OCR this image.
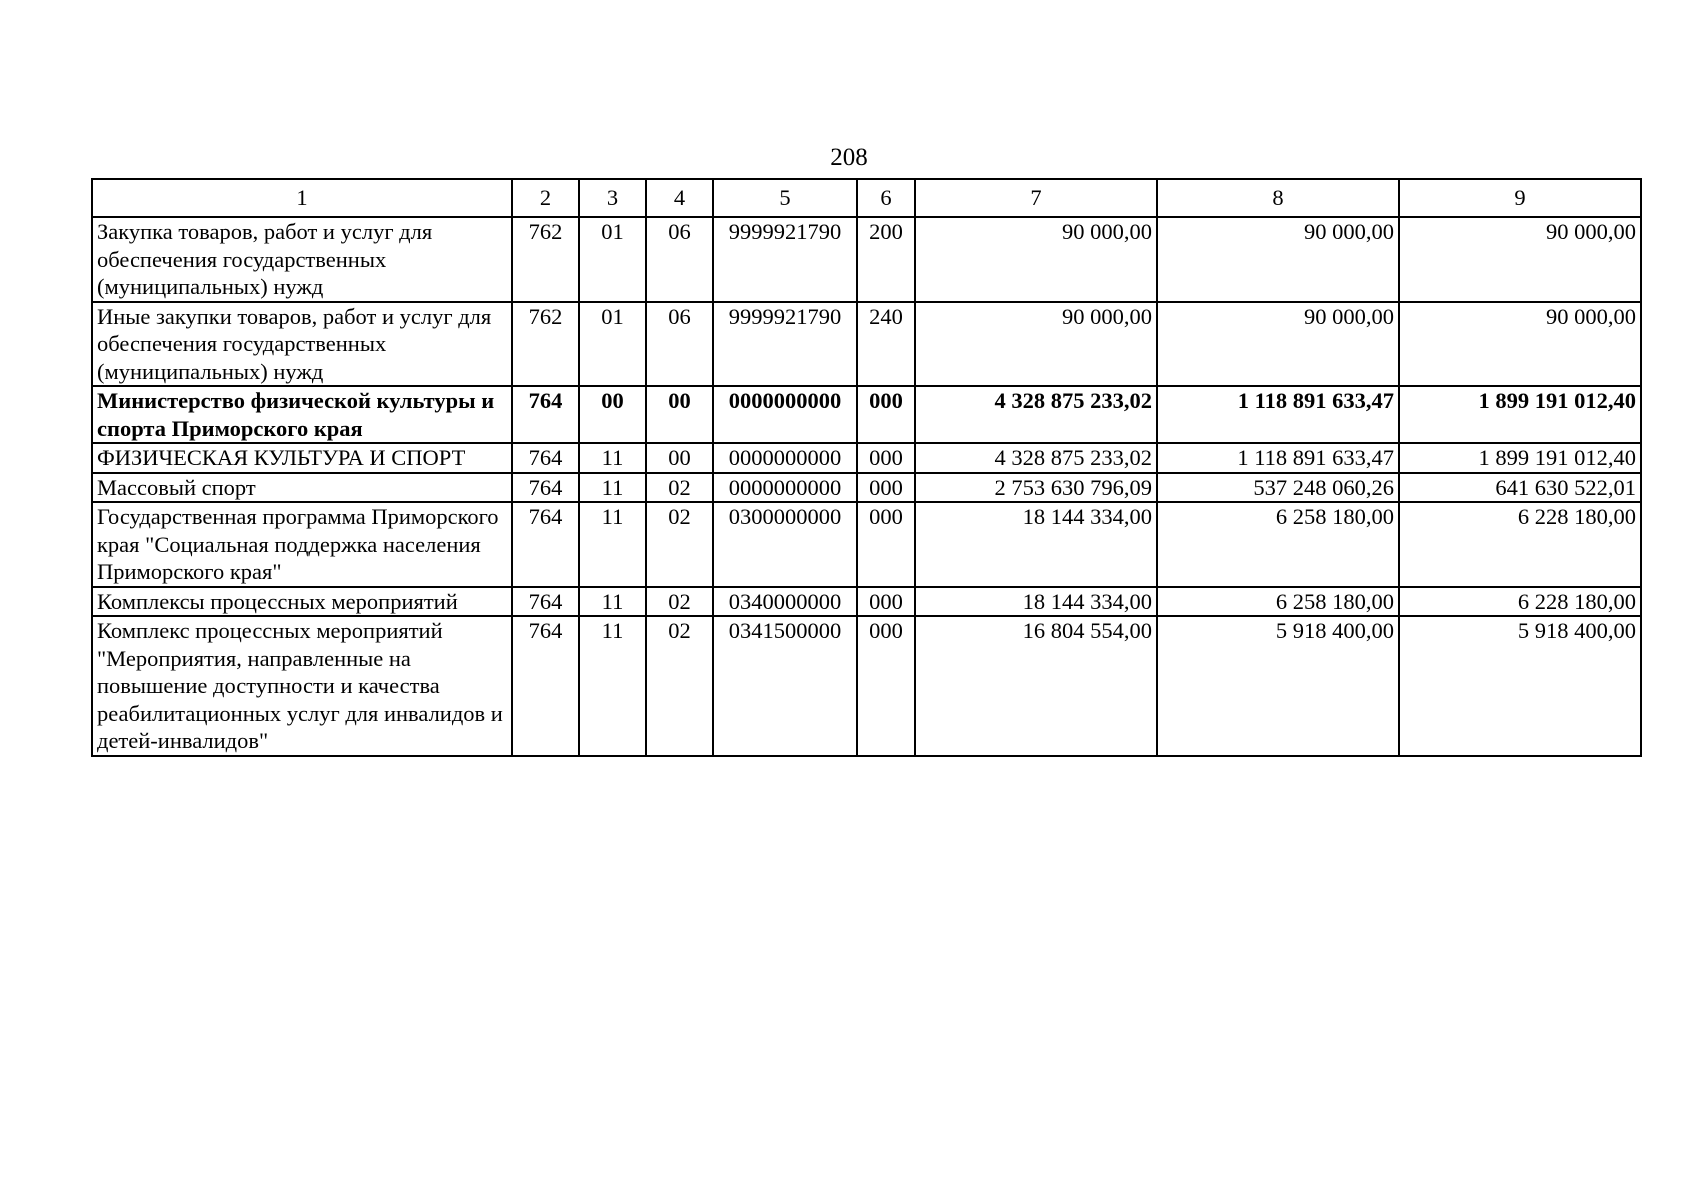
208
1	2	3	4	5	6	7	8	9
Закупка товаров, работ и услуг для обеспечения государственных (муниципальных) нужд	762	01	06	9999921790	200	90 000,00	90 000,00	90 000,00
Иные закупки товаров, работ и услуг для обеспечения государственных (муниципальных) нужд	762	01	06	9999921790	240	90 000,00	90 000,00	90 000,00
Министерство физической культуры и спорта Приморского края	764	00	00	0000000000	000	4 328 875 233,02	1 118 891 633,47	1 899 191 012,40
ФИЗИЧЕСКАЯ КУЛЬТУРА И СПОРТ	764	11	00	0000000000	000	4 328 875 233,02	1 118 891 633,47	1 899 191 012,40
Массовый спорт	764	11	02	0000000000	000	2 753 630 796,09	537 248 060,26	641 630 522,01
Государственная программа Приморского края "Социальная поддержка населения Приморского края"	764	11	02	0300000000	000	18 144 334,00	6 258 180,00	6 228 180,00
Комплексы процессных мероприятий	764	11	02	0340000000	000	18 144 334,00	6 258 180,00	6 228 180,00
Комплекс процессных мероприятий "Мероприятия, направленные на повышение доступности и качества реабилитационных услуг для инвалидов и детей-инвалидов"	764	11	02	0341500000	000	16 804 554,00	5 918 400,00	5 918 400,00
